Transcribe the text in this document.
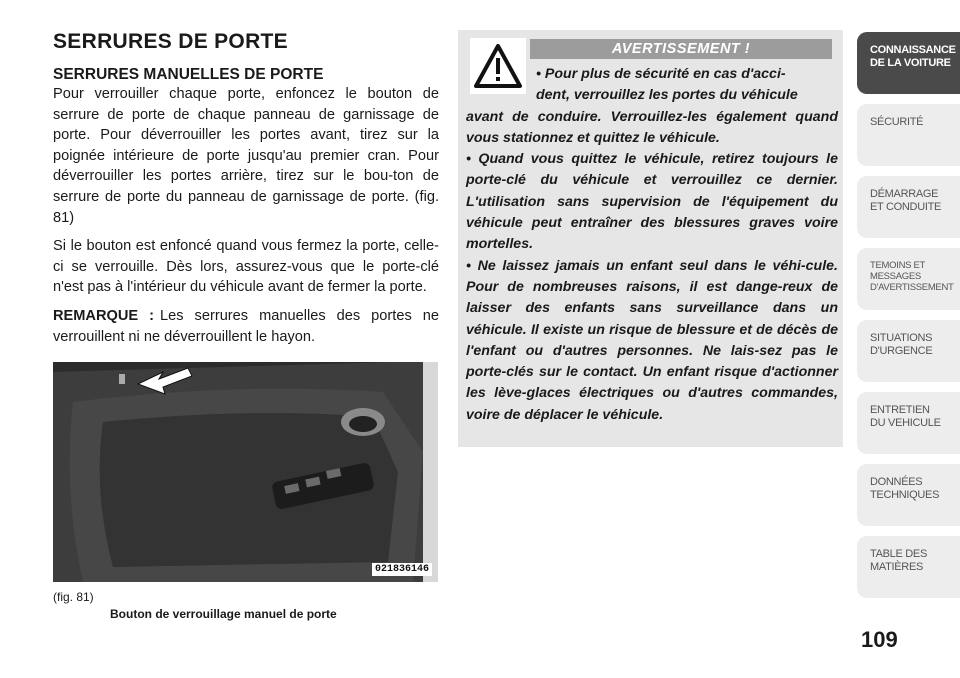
SERRURES DE PORTE
SERRURES MANUELLES DE PORTE

Pour verrouiller chaque porte, enfoncez le bouton de serrure de porte de chaque panneau de garnissage de porte. Pour déverrouiller les portes avant, tirez sur la poignée intérieure de porte jusqu'au premier cran. Pour déverrouiller les portes arrière, tirez sur le bou-ton de serrure de porte du panneau de garnissage de porte. (fig. 81)

Si le bouton est enfoncé quand vous fermez la porte, celle-ci se verrouille. Dès lors, assurez-vous que le porte-clé n'est pas à l'intérieur du véhicule avant de fermer la porte.

REMARQUE : Les serrures manuelles des portes ne verrouillent ni ne déverrouillent le hayon.

021836146
(fig. 81)
Bouton de verrouillage manuel de porte
AVERTISSEMENT !

• Pour plus de sécurité en cas d'acci-

dent, verrouillez les portes du véhicule

avant de conduire. Verrouillez-les également quand vous stationnez et quittez le véhicule.

• Quand vous quittez le véhicule, retirez toujours le porte-clé du véhicule et verrouillez ce dernier. L'utilisation sans supervision de l'équipement du véhicule peut entraîner des blessures graves voire mortelles.

• Ne laissez jamais un enfant seul dans le véhi-cule. Pour de nombreuses raisons, il est dange-reux de laisser des enfants sans surveillance dans un véhicule. Il existe un risque de blessure et de décès de l'enfant ou d'autres personnes. Ne lais-sez pas le porte-clés sur le contact. Un enfant risque d'actionner les lève-glaces électriques ou d'autres commandes, voire de déplacer le véhicule.

CONNAISSANCE
DE LA VOITURE
SÉCURITÉ
DÉMARRAGE
ET CONDUITE
TEMOINS ET
MESSAGES
D'AVERTISSEMENT
SITUATIONS
D'URGENCE
ENTRETIEN
DU VEHICULE
DONNÉES
TECHNIQUES
TABLE DES
MATIÈRES
109
